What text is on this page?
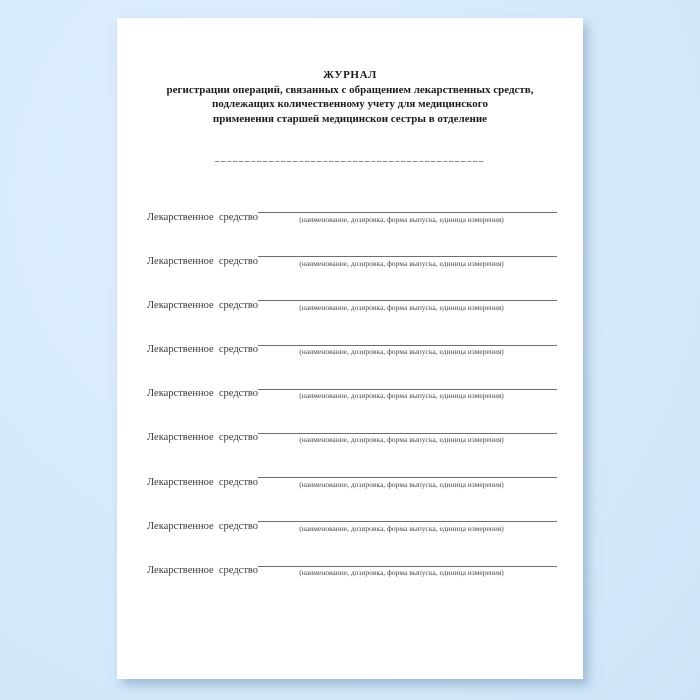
ЖУРНАЛ
регистрации операций, связанных с обращением лекарственных средств,
подлежащих количественному учету для медицинского
применения старшей медицинскои сестры в отделение
Лекарственное  средство	(наименование, дозировка, форма выпуска, единица измерения)
Лекарственное  средство	(наименование, дозировка, форма выпуска, единица измерения)
Лекарственное  средство	(наименование, дозировка, форма выпуска, единица измерения)
Лекарственное  средство	(наименование, дозировка, форма выпуска, единица измерения)
Лекарственное  средство	(наименование, дозировка, форма выпуска, единица измерения)
Лекарственное  средство	(наименование, дозировка, форма выпуска, единица измерения)
Лекарственное  средство	(наименование, дозировка, форма выпуска, единица измерения)
Лекарственное  средство	(наименование, дозировка, форма выпуска, единица измерения)
Лекарственное  средство	(наименование, дозировка, форма выпуска, единица измерения)
